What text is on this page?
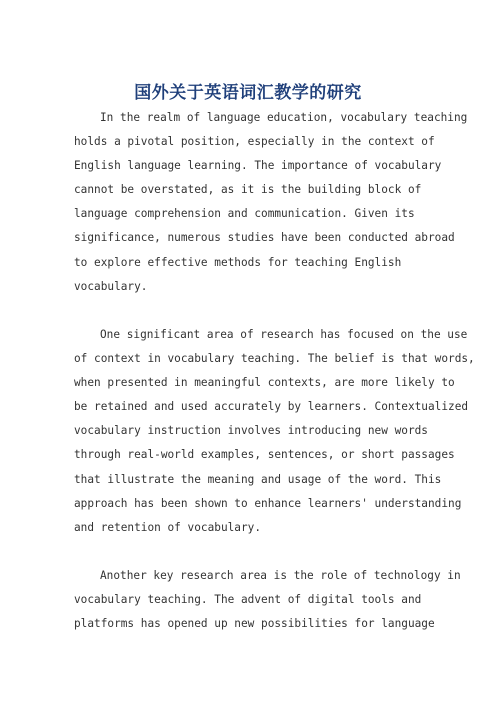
国外关于英语词汇教学的研究
In the realm of language education, vocabulary teaching
holds a pivotal position, especially in the context of
English language learning. The importance of vocabulary
cannot be overstated, as it is the building block of
language comprehension and communication. Given its
significance, numerous studies have been conducted abroad
to explore effective methods for teaching English
vocabulary.
One significant area of research has focused on the use
of context in vocabulary teaching. The belief is that words,
when presented in meaningful contexts, are more likely to
be retained and used accurately by learners. Contextualized
vocabulary instruction involves introducing new words
through real-world examples, sentences, or short passages
that illustrate the meaning and usage of the word. This
approach has been shown to enhance learners' understanding
and retention of vocabulary.
Another key research area is the role of technology in
vocabulary teaching. The advent of digital tools and
platforms has opened up new possibilities for language
